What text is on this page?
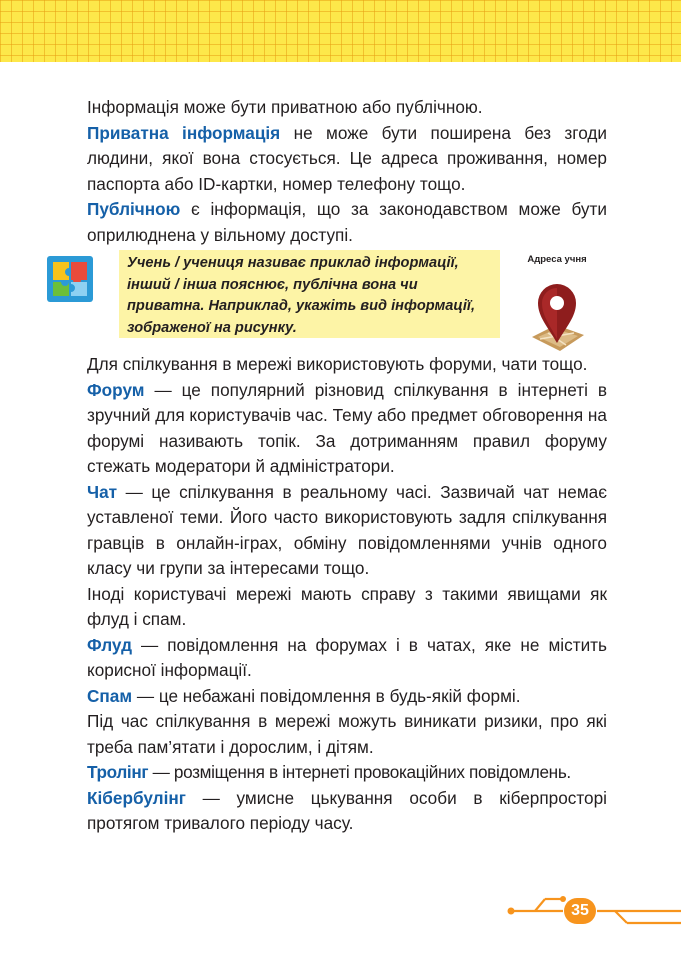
Інформація може бути приватною або публічною.

Приватна інформація не може бути поширена без згоди людини, якої вона стосується. Це адреса проживання, номер паспорта або ID-картки, номер телефону тощо.

Публічною є інформація, що за законодавством може бути оприлюднена у вільному доступі.

Учень / учениця називає приклад інформації, інший / інша пояснює, публічна вона чи приватна. Наприклад, укажіть вид інформації, зображеної на рисунку.
Адреса учня

Для спілкування в мережі використовують форуми, чати тощо.

Форум — це популярний різновид спілкування в інтернеті в зручний для користувачів час. Тему або предмет обговорення на форумі називають топік. За дотриманням правил форуму стежать модератори й адміністратори.

Чат — це спілкування в реальному часі. Зазвичай чат немає уставленої теми. Його часто використовують задля спілкування гравців в онлайн-іграх, обміну повідомленнями учнів одного класу чи групи за інтересами тощо.

Іноді користувачі мережі мають справу з такими явищами як флуд і спам.

Флуд — повідомлення на форумах і в чатах, яке не містить корисної інформації.

Спам — це небажані повідомлення в будь-якій формі.

Під час спілкування в мережі можуть виникати ризики, про які треба пам’ятати і дорослим, і дітям.

Тролінг — розміщення в інтернеті провокаційних повідомлень.

Кібербулінг — умисне цькування особи в кіберпросторі протягом тривалого періоду часу.

35
